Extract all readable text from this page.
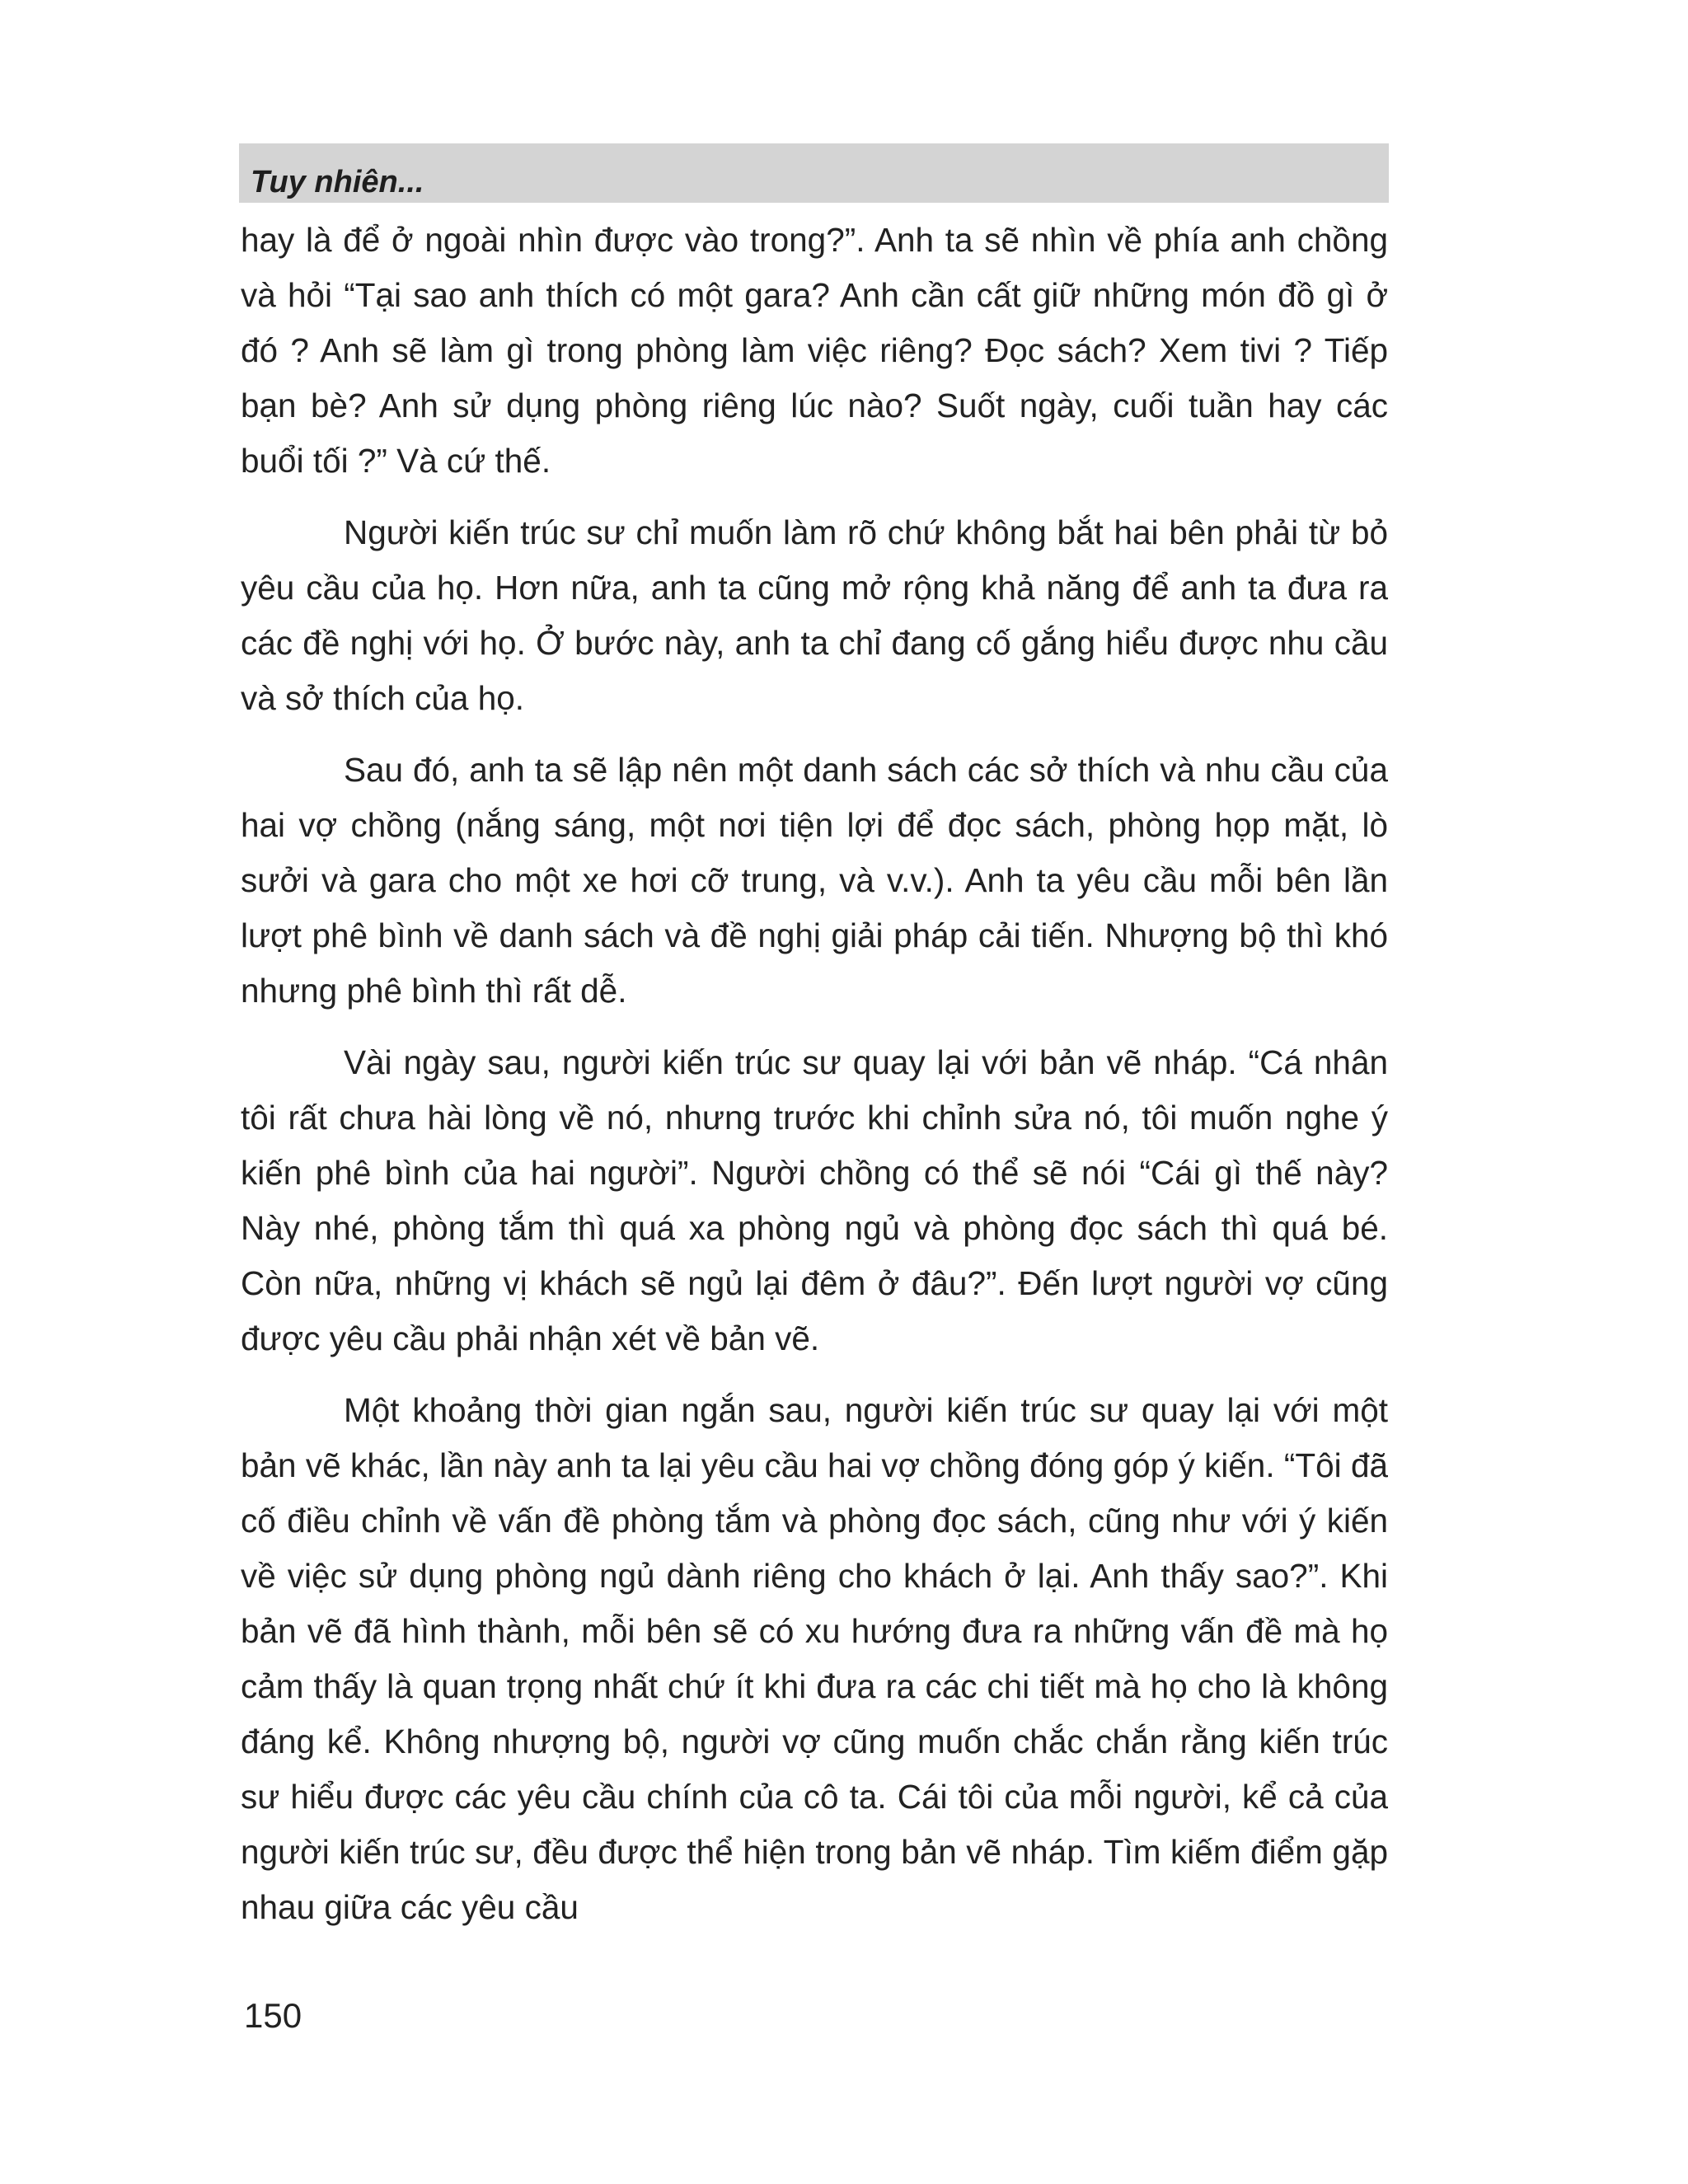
Tuy nhiên...

hay là để ở ngoài nhìn được vào trong?”. Anh ta sẽ nhìn về phía anh chồng và hỏi “Tại sao anh thích có một gara? Anh cần cất giữ những món đồ gì ở đó ? Anh sẽ làm gì trong phòng làm việc riêng? Đọc sách? Xem tivi ? Tiếp bạn bè? Anh sử dụng phòng riêng lúc nào? Suốt ngày, cuối tuần hay các buổi tối ?” Và cứ thế.

Người kiến trúc sư chỉ muốn làm rõ chứ không bắt hai bên phải từ bỏ yêu cầu của họ. Hơn nữa, anh ta cũng mở rộng khả năng để anh ta đưa ra các đề nghị với họ. Ở bước này, anh ta chỉ đang cố gắng hiểu được nhu cầu và sở thích của họ.

Sau đó, anh ta sẽ lập nên một danh sách các sở thích và nhu cầu của hai vợ chồng (nắng sáng, một nơi tiện lợi để đọc sách, phòng họp mặt, lò sưởi và gara cho một xe hơi cỡ trung, và v.v.). Anh ta yêu cầu mỗi bên lần lượt phê bình về danh sách và đề nghị giải pháp cải tiến. Nhượng bộ thì khó nhưng phê bình thì rất dễ.

Vài ngày sau, người kiến trúc sư quay lại với bản vẽ nháp. “Cá nhân tôi rất chưa hài lòng về nó, nhưng trước khi chỉnh sửa nó, tôi muốn nghe ý kiến phê bình của hai người”. Người chồng có thể sẽ nói “Cái gì thế này? Này nhé, phòng tắm thì quá xa phòng ngủ và phòng đọc sách thì quá bé. Còn nữa, những vị khách sẽ ngủ lại đêm ở đâu?”. Đến lượt người vợ cũng được yêu cầu phải nhận xét về bản vẽ.

Một khoảng thời gian ngắn sau, người kiến trúc sư quay lại với một bản vẽ khác, lần này anh ta lại yêu cầu hai vợ chồng đóng góp ý kiến. “Tôi đã cố điều chỉnh về vấn đề phòng tắm và phòng đọc sách, cũng như với ý kiến về việc sử dụng phòng ngủ dành riêng cho khách ở lại. Anh thấy sao?”. Khi bản vẽ đã hình thành, mỗi bên sẽ có xu hướng đưa ra những vấn đề mà họ cảm thấy là quan trọng nhất chứ ít khi đưa ra các chi tiết mà họ cho là không đáng kể. Không nhượng bộ, người vợ cũng muốn chắc chắn rằng kiến trúc sư hiểu được các yêu cầu chính của cô ta. Cái tôi của mỗi người, kể cả của người kiến trúc sư, đều được thể hiện trong bản vẽ nháp. Tìm kiếm điểm gặp nhau giữa các yêu cầu

150
